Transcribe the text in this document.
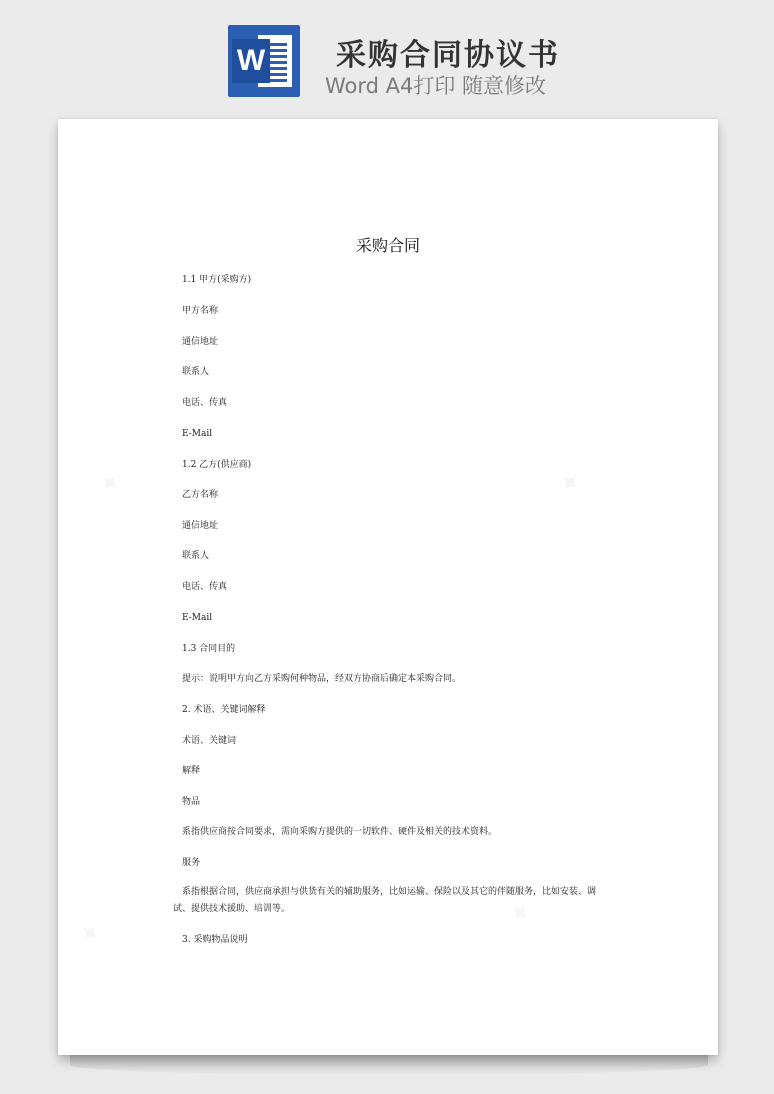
W 采购合同协议书
Word A4打印 随意修改
采购合同
1.1 甲方(采购方)
甲方名称
通信地址
联系人
电话、传真
E-Mail
1.2 乙方(供应商)
乙方名称
通信地址
联系人
电话、传真
E-Mail
1.3 合同目的
提示：说明甲方向乙方采购何种物品，经双方协商后确定本采购合同。
2. 术语、关键词解释
术语、关键词
解释
物品
系指供应商按合同要求，需向采购方提供的一切软件、硬件及相关的技术资料。
服务
系指根据合同，供应商承担与供货有关的辅助服务，比如运输、保险以及其它的伴随服务，比如安装、调试、提供技术援助、培训等。
3. 采购物品说明
